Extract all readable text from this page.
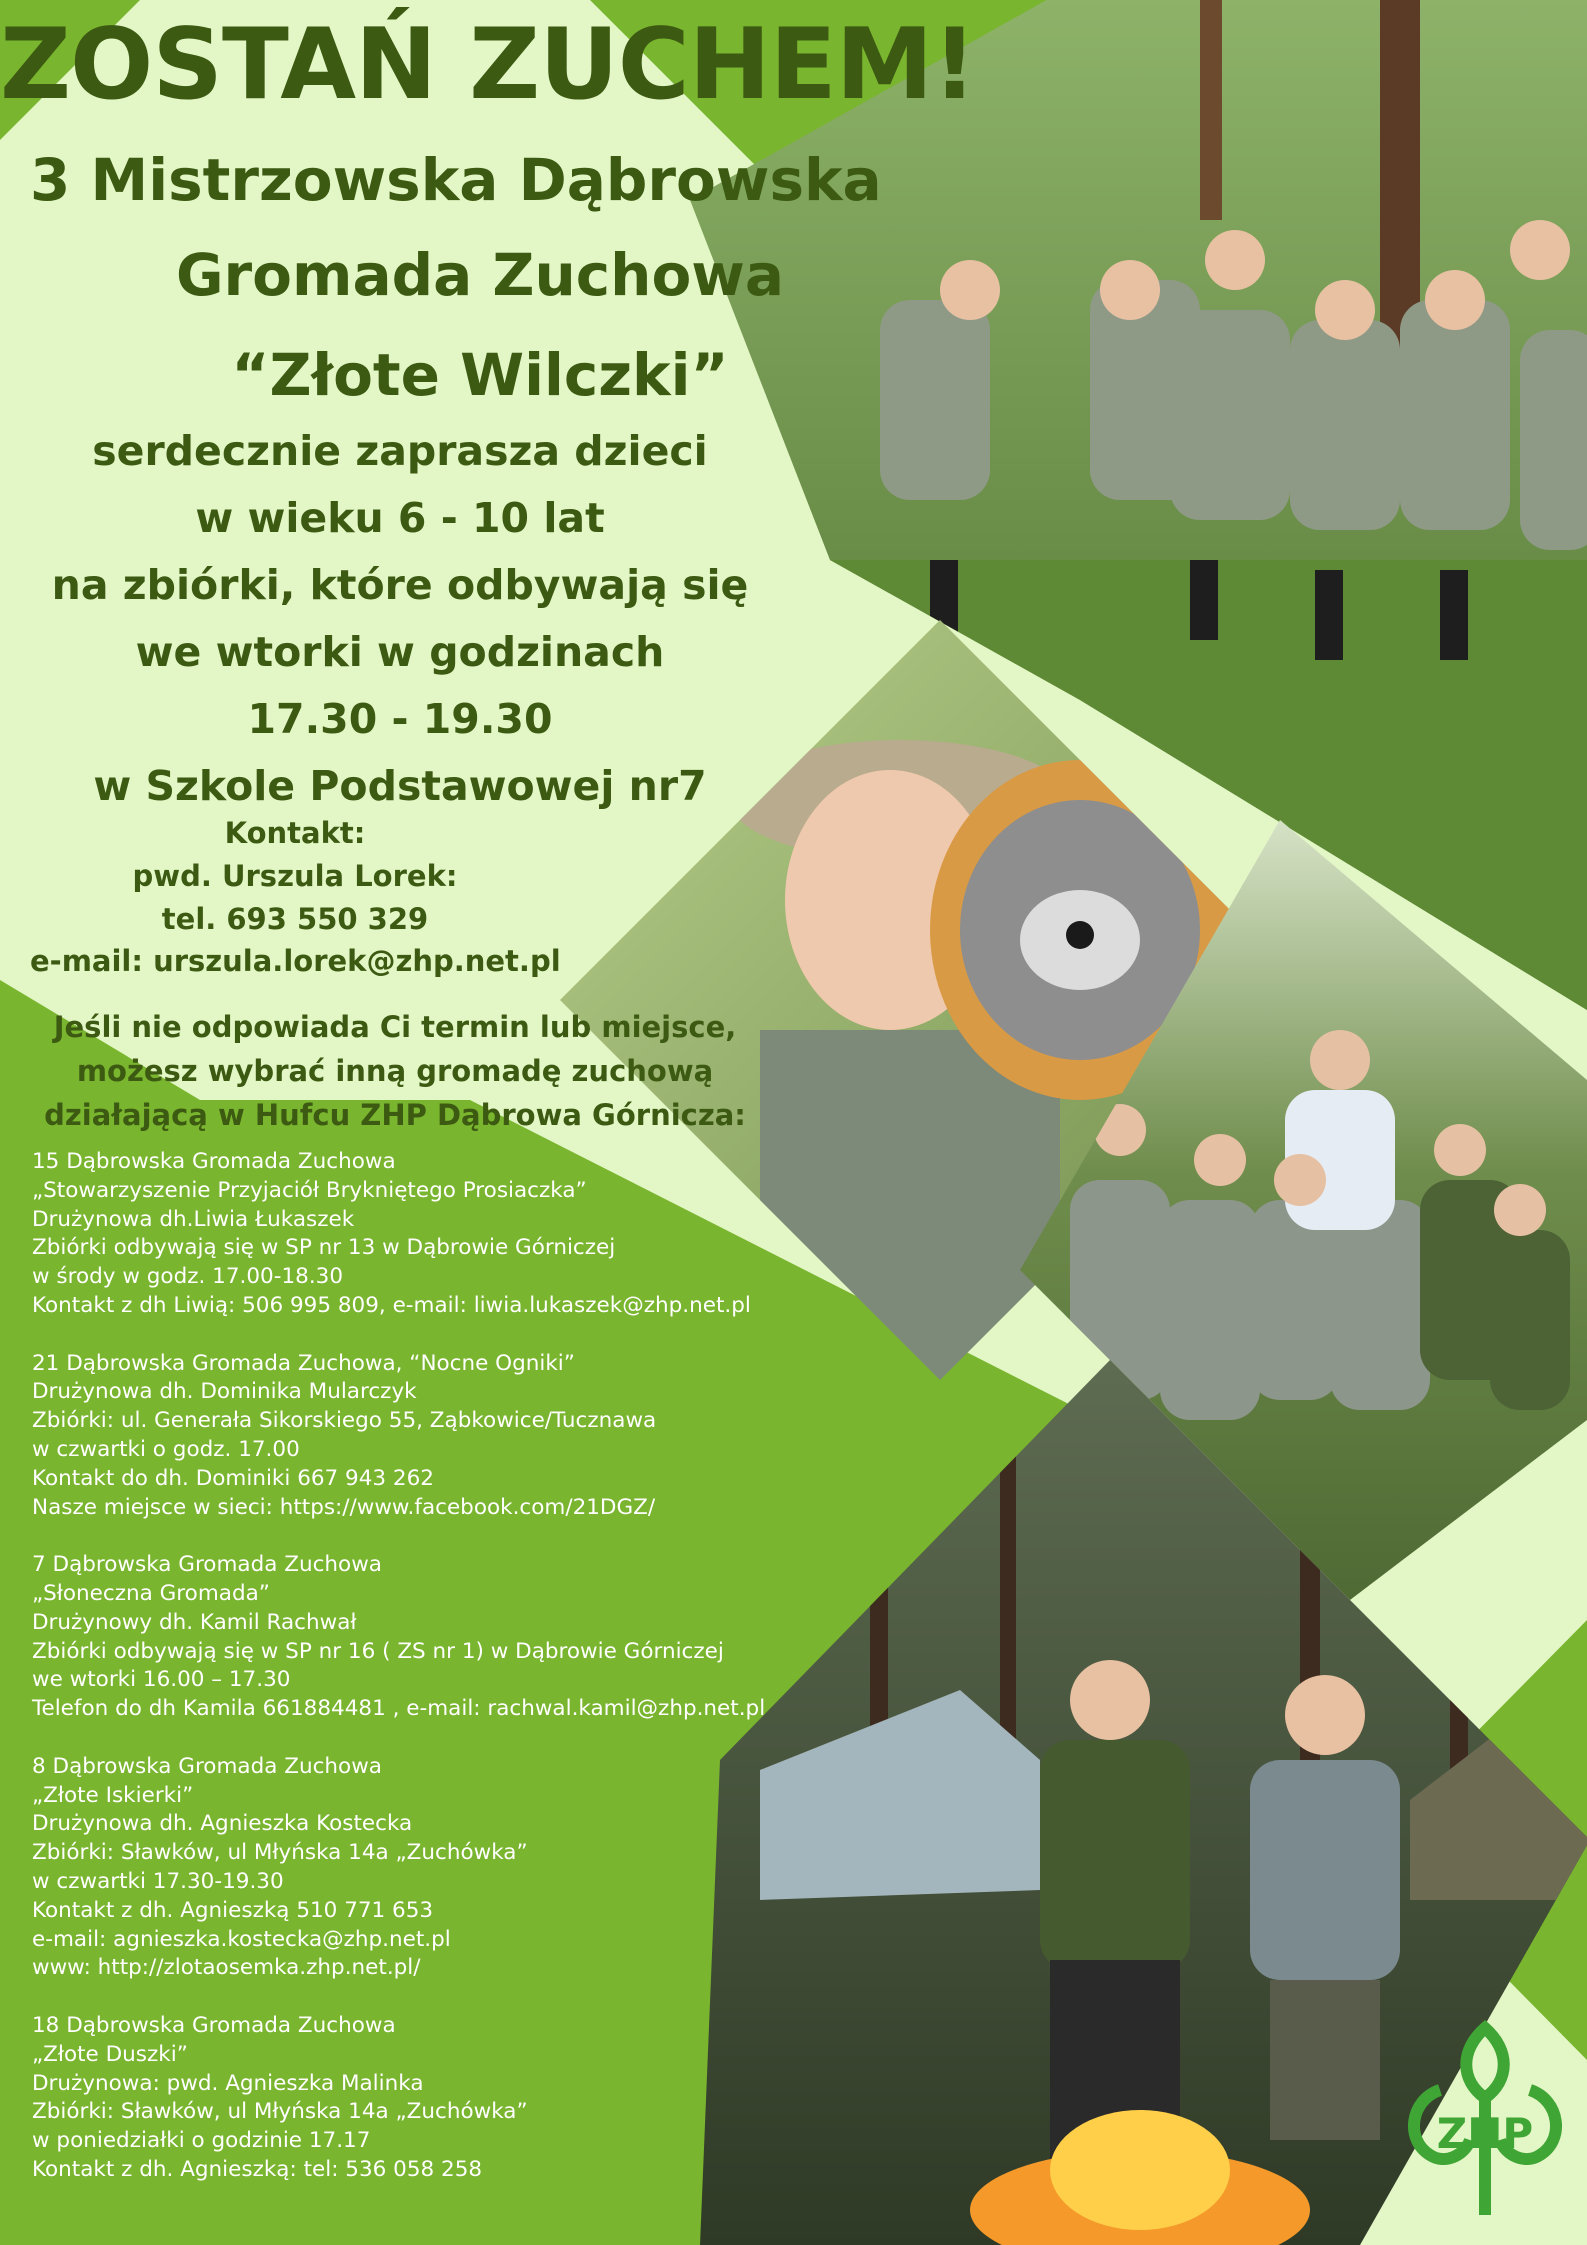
ZOSTAŃ ZUCHEM!
3 Mistrzowska Dąbrowska
Gromada Zuchowa
“Złote Wilczki”
serdecznie zaprasza dzieci
w wieku 6 - 10 lat
na zbiórki, które odbywają się
we wtorki w godzinach
17.30 - 19.30
w Szkole Podstawowej nr7
Kontakt:
pwd. Urszula Lorek:
tel. 693 550 329
e-mail: urszula.lorek@zhp.net.pl
Jeśli nie odpowiada Ci termin lub miejsce,
możesz wybrać inną gromadę zuchową
działającą w Hufcu ZHP Dąbrowa Górnicza:
15 Dąbrowska Gromada Zuchowa
„Stowarzyszenie Przyjaciół Brykniętego Prosiaczka”
Drużynowa dh.Liwia Łukaszek
Zbiórki odbywają się w SP nr 13 w Dąbrowie Górniczej
w środy w godz. 17.00-18.30
Kontakt z dh Liwią: 506 995 809, e-mail: liwia.lukaszek@zhp.net.pl
21 Dąbrowska Gromada Zuchowa, “Nocne Ogniki”
Drużynowa dh. Dominika Mularczyk
Zbiórki: ul. Generała Sikorskiego 55, Ząbkowice/Tucznawa
w czwartki o godz. 17.00
Kontakt do dh. Dominiki 667 943 262
Nasze miejsce w sieci: https://www.facebook.com/21DGZ/
7 Dąbrowska Gromada Zuchowa
„Słoneczna Gromada”
Drużynowy dh. Kamil Rachwał
Zbiórki odbywają się w SP nr 16 ( ZS nr 1) w Dąbrowie Górniczej
we wtorki 16.00 – 17.30
Telefon do dh Kamila 661884481 , e-mail: rachwal.kamil@zhp.net.pl
8 Dąbrowska Gromada Zuchowa
„Złote Iskierki”
Drużynowa dh. Agnieszka Kostecka
Zbiórki: Sławków, ul Młyńska 14a „Zuchówka”
w czwartki 17.30-19.30
Kontakt z dh. Agnieszką 510 771 653
e-mail: agnieszka.kostecka@zhp.net.pl
www: http://zlotaosemka.zhp.net.pl/
18 Dąbrowska Gromada Zuchowa
„Złote Duszki”
Drużynowa: pwd. Agnieszka Malinka
Zbiórki: Sławków, ul Młyńska 14a „Zuchówka”
w poniedziałki o godzinie 17.17
Kontakt z dh. Agnieszką: tel: 536 058 258
ZHP
